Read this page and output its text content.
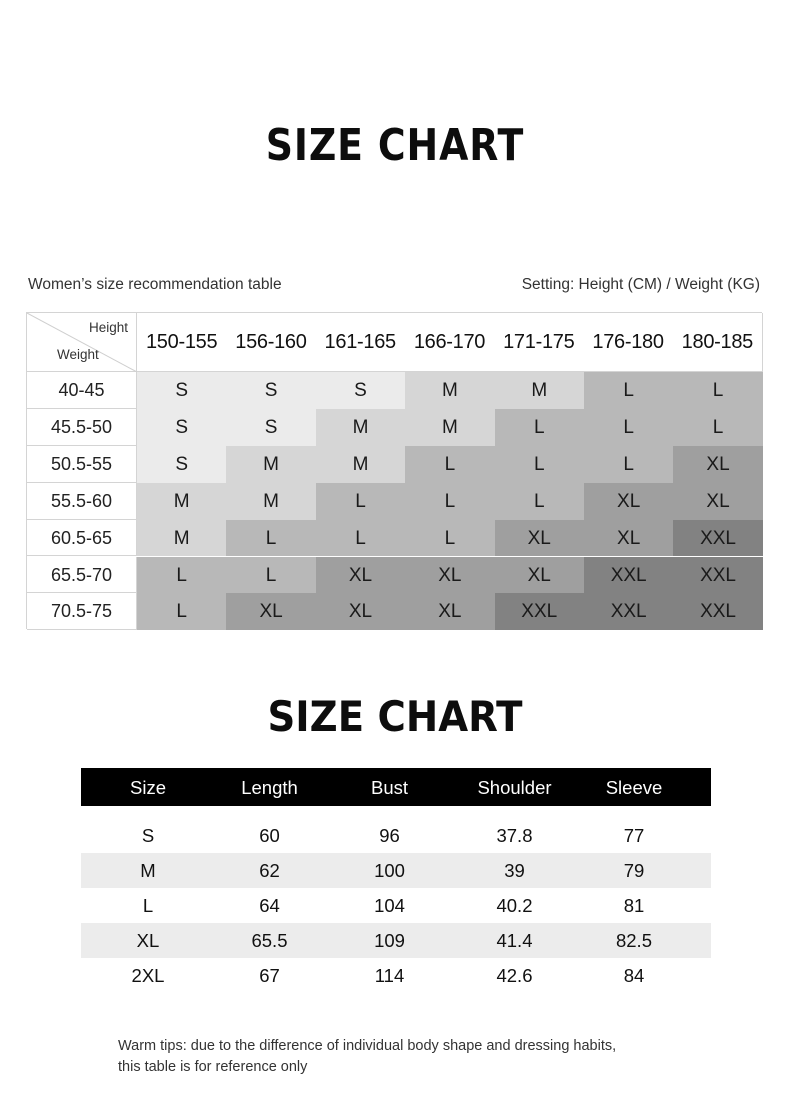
SIZE CHART
Women’s size recommendation table	Setting: Height (CM) / Weight (KG)
Height
Weight
150-155 156-160 161-165 166-170 171-175 176-180 180-185
40-45	S	S	S	M	M	L	L
45.5-50	S	S	M	M	L	L	L
50.5-55	S	M	M	L	L	L	XL
55.5-60	M	M	L	L	L	XL	XL
60.5-65	M	L	L	L	XL	XL	XXL
65.5-70	L	L	XL	XL	XL	XXL	XXL
70.5-75	L	XL	XL	XL	XXL	XXL	XXL
SIZE CHART
Size	Length	Bust	Shoulder	Sleeve
S	60	96	37.8	77
M	62	100	39	79
L	64	104	40.2	81
XL	65.5	109	41.4	82.5
2XL	67	114	42.6	84
Warm tips: due to the difference of individual body shape and dressing habits,
this table is for reference only
